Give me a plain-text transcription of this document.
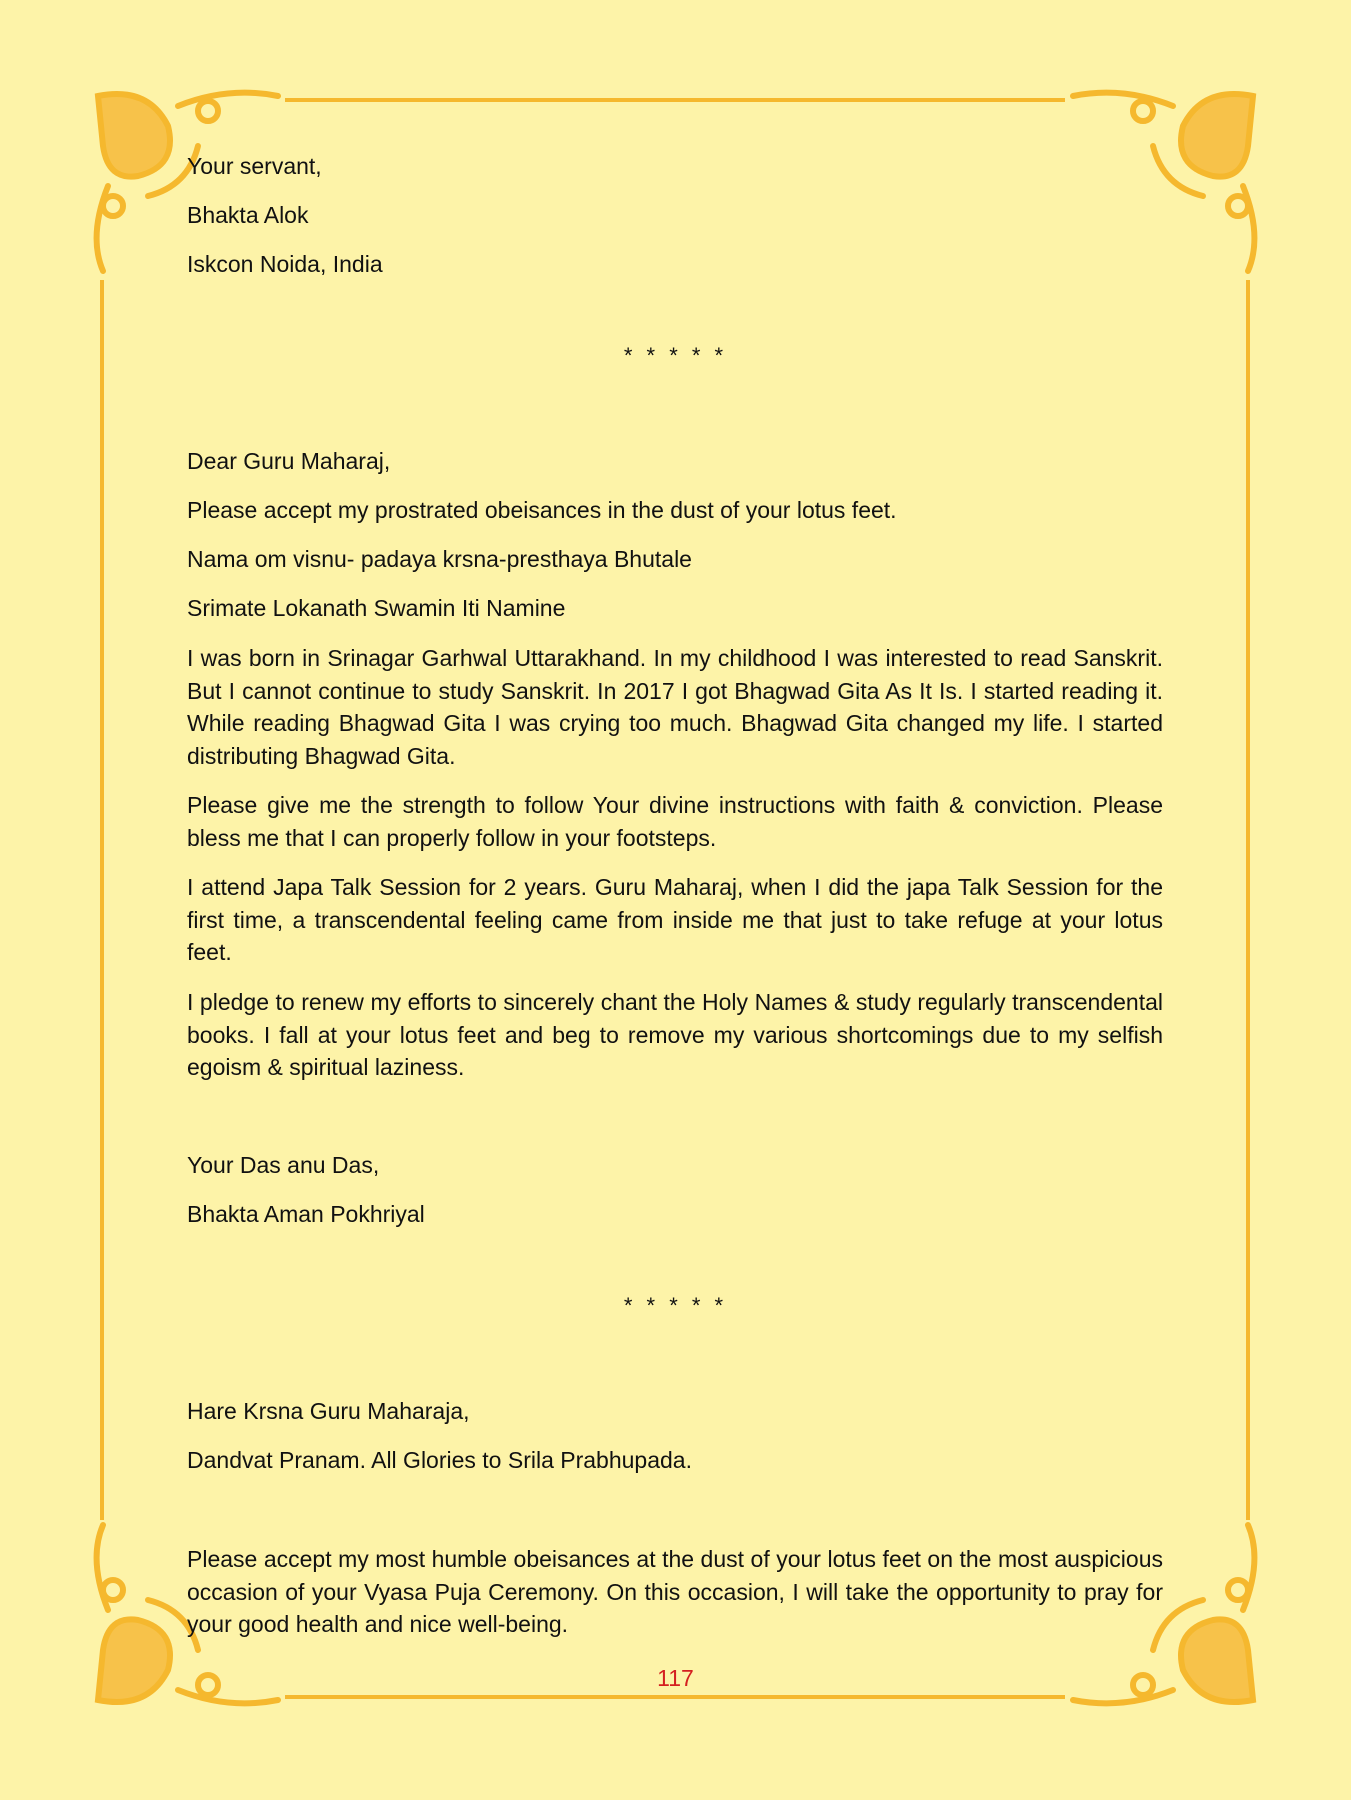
Your servant,
Bhakta Alok
Iskcon Noida, India
* * * * *
Dear Guru Maharaj,
Please accept my prostrated obeisances in the dust of your lotus feet.
Nama om visnu- padaya krsna-presthaya Bhutale
Srimate Lokanath Swamin Iti Namine
I was born in Srinagar Garhwal Uttarakhand. In my childhood I was interested to read Sanskrit. But I cannot continue to study Sanskrit. In 2017 I got Bhagwad Gita As It Is. I started reading it. While reading Bhagwad Gita I was crying too much. Bhagwad Gita changed my life. I started distributing Bhagwad Gita.
Please give me the strength to follow Your divine instructions with faith & conviction. Please bless me that I can properly follow in your footsteps.
I attend Japa Talk Session for 2 years. Guru Maharaj, when I did the japa Talk Session for the first time, a transcendental feeling came from inside me that just to take refuge at your lotus feet.
I pledge to renew my efforts to sincerely chant the Holy Names & study regularly transcendental books. I fall at your lotus feet and beg to remove my various shortcomings due to my selfish egoism & spiritual laziness.
Your Das anu Das,
Bhakta Aman Pokhriyal
* * * * *
Hare Krsna Guru Maharaja,
Dandvat Pranam. All Glories to Srila Prabhupada.
Please accept my most humble obeisances at the dust of your lotus feet on the most auspicious occasion of your Vyasa Puja Ceremony. On this occasion, I will take the opportunity to pray for your good health and nice well-being.
117
